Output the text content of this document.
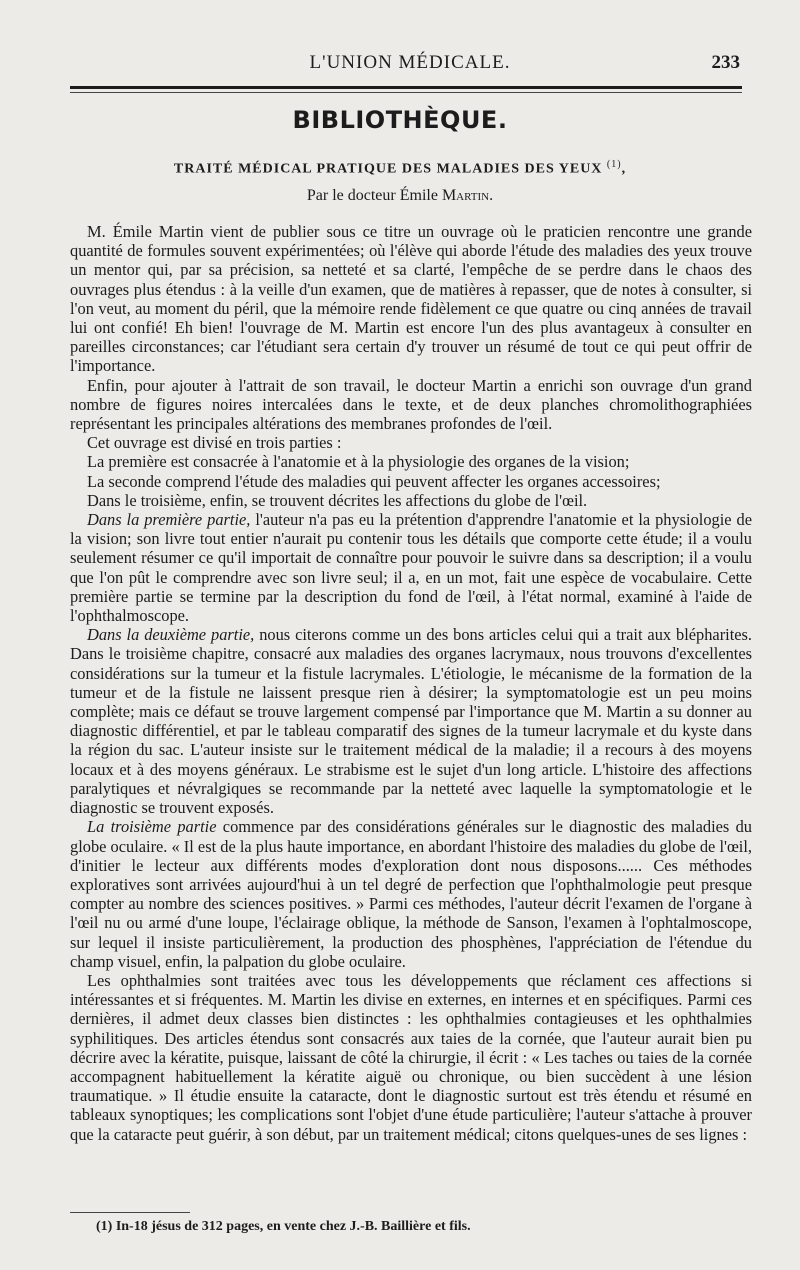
L'UNION MÉDICALE.	233
BIBLIOTHÈQUE.
TRAITÉ MÉDICAL PRATIQUE DES MALADIES DES YEUX $^{(1)}$,
Par le docteur Émile Martin.

M. Émile Martin vient de publier sous ce titre un ouvrage où le praticien rencontre une grande quantité de formules souvent expérimentées; où l'élève qui aborde l'étude des maladies des yeux trouve un mentor qui, par sa précision, sa netteté et sa clarté, l'empêche de se perdre dans le chaos des ouvrages plus étendus : à la veille d'un examen, que de matières à repasser, que de notes à consulter, si l'on veut, au moment du péril, que la mémoire rende fidèlement ce que quatre ou cinq années de travail lui ont confié! Eh bien! l'ouvrage de M. Martin est encore l'un des plus avantageux à consulter en pareilles circonstances; car l'étudiant sera certain d'y trouver un résumé de tout ce qui peut offrir de l'importance.

Enfin, pour ajouter à l'attrait de son travail, le docteur Martin a enrichi son ouvrage d'un grand nombre de figures noires intercalées dans le texte, et de deux planches chromolithographiées représentant les principales altérations des membranes profondes de l'œil.

Cet ouvrage est divisé en trois parties :

La première est consacrée à l'anatomie et à la physiologie des organes de la vision;

La seconde comprend l'étude des maladies qui peuvent affecter les organes accessoires;

Dans le troisième, enfin, se trouvent décrites les affections du globe de l'œil.

Dans la première partie, l'auteur n'a pas eu la prétention d'apprendre l'anatomie et la physiologie de la vision; son livre tout entier n'aurait pu contenir tous les détails que comporte cette étude; il a voulu seulement résumer ce qu'il importait de connaître pour pouvoir le suivre dans sa description; il a voulu que l'on pût le comprendre avec son livre seul; il a, en un mot, fait une espèce de vocabulaire. Cette première partie se termine par la description du fond de l'œil, à l'état normal, examiné à l'aide de l'ophthalmoscope.

Dans la deuxième partie, nous citerons comme un des bons articles celui qui a trait aux blépharites. Dans le troisième chapitre, consacré aux maladies des organes lacrymaux, nous trouvons d'excellentes considérations sur la tumeur et la fistule lacrymales. L'étiologie, le mécanisme de la formation de la tumeur et de la fistule ne laissent presque rien à désirer; la symptomatologie est un peu moins complète; mais ce défaut se trouve largement compensé par l'importance que M. Martin a su donner au diagnostic différentiel, et par le tableau comparatif des signes de la tumeur lacrymale et du kyste dans la région du sac. L'auteur insiste sur le traitement médical de la maladie; il a recours à des moyens locaux et à des moyens généraux. Le strabisme est le sujet d'un long article. L'histoire des affections paralytiques et névralgiques se recommande par la netteté avec laquelle la symptomatologie et le diagnostic se trouvent exposés.

La troisième partie commence par des considérations générales sur le diagnostic des maladies du globe oculaire. « Il est de la plus haute importance, en abordant l'histoire des maladies du globe de l'œil, d'initier le lecteur aux différents modes d'exploration dont nous disposons...... Ces méthodes exploratives sont arrivées aujourd'hui à un tel degré de perfection que l'ophthalmologie peut presque compter au nombre des sciences positives. » Parmi ces méthodes, l'auteur décrit l'examen de l'organe à l'œil nu ou armé d'une loupe, l'éclairage oblique, la méthode de Sanson, l'examen à l'ophtalmoscope, sur lequel il insiste particulièrement, la production des phosphènes, l'appréciation de l'étendue du champ visuel, enfin, la palpation du globe oculaire.

Les ophthalmies sont traitées avec tous les développements que réclament ces affections si intéressantes et si fréquentes. M. Martin les divise en externes, en internes et en spécifiques. Parmi ces dernières, il admet deux classes bien distinctes : les ophthalmies contagieuses et les ophthalmies syphilitiques. Des articles étendus sont consacrés aux taies de la cornée, que l'auteur aurait bien pu décrire avec la kératite, puisque, laissant de côté la chirurgie, il écrit : « Les taches ou taies de la cornée accompagnent habituellement la kératite aiguë ou chronique, ou bien succèdent à une lésion traumatique. » Il étudie ensuite la cataracte, dont le diagnostic surtout est très étendu et résumé en tableaux synoptiques; les complications sont l'objet d'une étude particulière; l'auteur s'attache à prouver que la cataracte peut guérir, à son début, par un traitement médical; citons quelques-unes de ses lignes :

(1) In-18 jésus de 312 pages, en vente chez J.-B. Baillière et fils.
